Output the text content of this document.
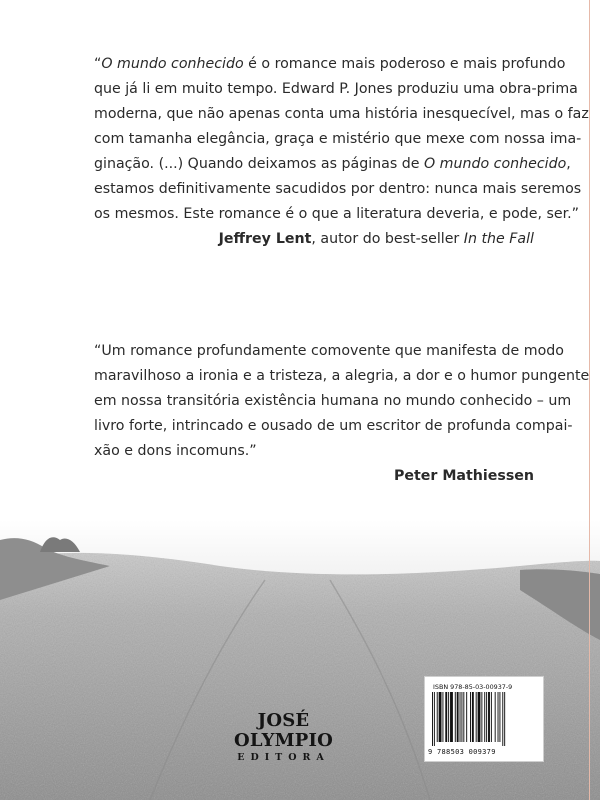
“O mundo conhecido é o romance mais poderoso e mais profundo
que já li em muito tempo. Edward P. Jones produziu uma obra-prima
moderna, que não apenas conta uma história inesquecível, mas o faz
com tamanha elegância, graça e mistério que mexe com nossa ima-
ginação. (...) Quando deixamos as páginas de O mundo conhecido,
estamos definitivamente sacudidos por dentro: nunca mais seremos
os mesmos. Este romance é o que a literatura deveria, e pode, ser.”
Jeffrey Lent, autor do best-seller In the Fall
“Um romance profundamente comovente que manifesta de modo
maravilhoso a ironia e a tristeza, a alegria, a dor e o humor pungente
em nossa transitória existência humana no mundo conhecido – um
livro forte, intrincado e ousado de um escritor de profunda compai-
xão e dons incomuns.”
Peter Mathiessen
JOSÉ OLYMPIO
EDITORA
ISBN 978-85-03-00937-9
9 788503 009379
